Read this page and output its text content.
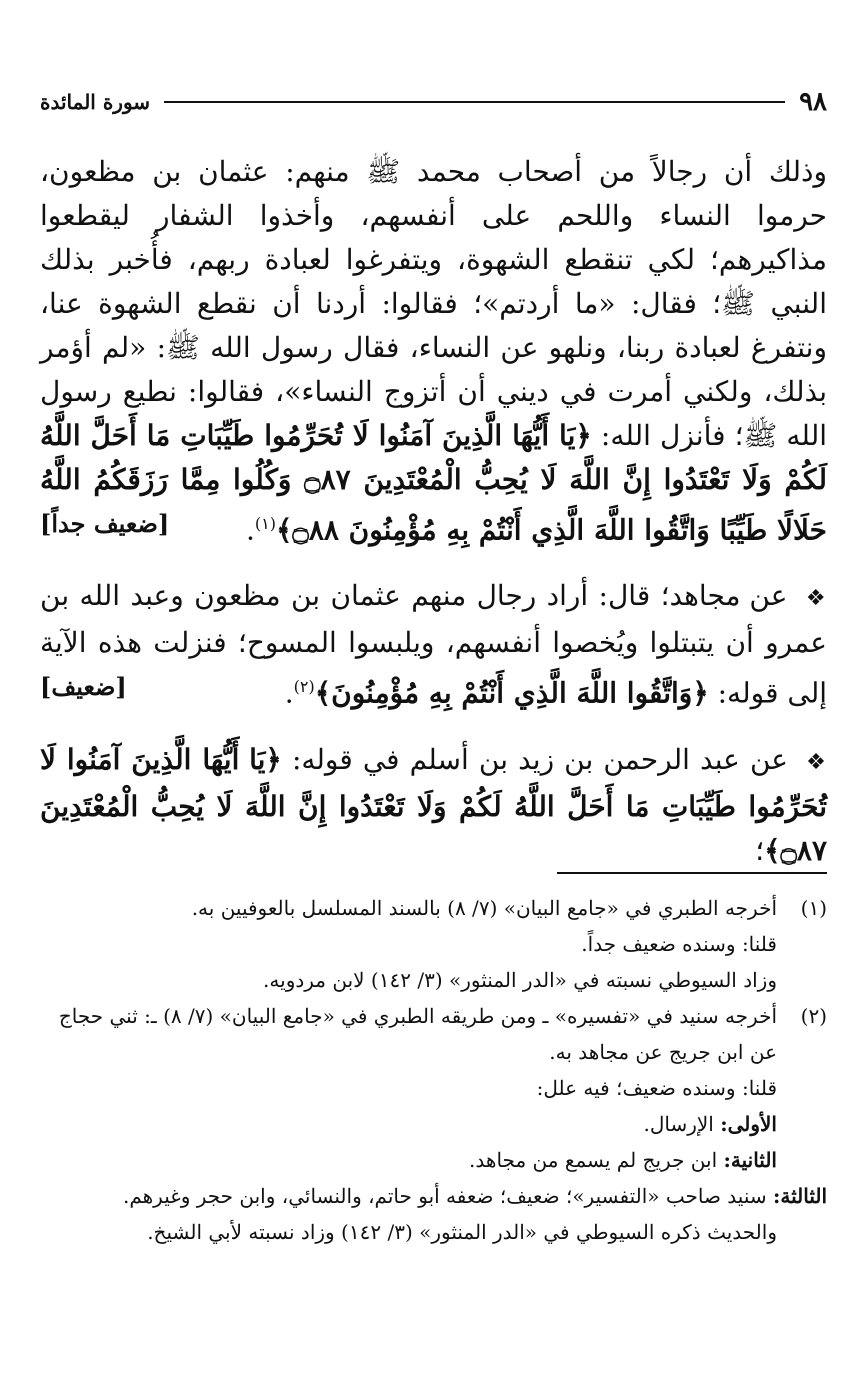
٩٨
سورة المائدة

وذلك أن رجالاً من أصحاب محمد ﷺ منهم: عثمان بن مظعون، حرموا النساء واللحم على أنفسهم، وأخذوا الشفار ليقطعوا مذاكيرهم؛ لكي تنقطع الشهوة، ويتفرغوا لعبادة ربهم، فأُخبر بذلك النبي ﷺ؛ فقال: «ما أردتم»؛ فقالوا: أردنا أن نقطع الشهوة عنا، ونتفرغ لعبادة ربنا، ونلهو عن النساء، فقال رسول الله ﷺ: «لم أؤمر بذلك، ولكني أمرت في ديني أن أتزوج النساء»، فقالوا: نطيع رسول الله ﷺ؛ فأنزل الله: ﴿يَا أَيُّهَا الَّذِينَ آمَنُوا لَا تُحَرِّمُوا طَيِّبَاتِ مَا أَحَلَّ اللَّهُ لَكُمْ وَلَا تَعْتَدُوا إِنَّ اللَّهَ لَا يُحِبُّ الْمُعْتَدِينَ ۝٨٧ وَكُلُوا مِمَّا رَزَقَكُمُ اللَّهُ حَلَالًا طَيِّبًا وَاتَّقُوا اللَّهَ الَّذِي أَنْتُمْ بِهِ مُؤْمِنُونَ ۝٨٨﴾$^{(١)}$.
[ضعيف جداً]

❖ عن مجاهد؛ قال: أراد رجال منهم عثمان بن مظعون وعبد الله بن عمرو أن يتبتلوا ويُخصوا أنفسهم، ويلبسوا المسوح؛ فنزلت هذه الآية إلى قوله: ﴿وَاتَّقُوا اللَّهَ الَّذِي أَنْتُمْ بِهِ مُؤْمِنُونَ﴾$^{(٢)}$.
[ضعيف]

❖ عن عبد الرحمن بن زيد بن أسلم في قوله: ﴿يَا أَيُّهَا الَّذِينَ آمَنُوا لَا تُحَرِّمُوا طَيِّبَاتِ مَا أَحَلَّ اللَّهُ لَكُمْ وَلَا تَعْتَدُوا إِنَّ اللَّهَ لَا يُحِبُّ الْمُعْتَدِينَ ۝٨٧﴾؛

(١)

أخرجه الطبري في «جامع البيان» (٧/ ٨) بالسند المسلسل بالعوفيين به.

قلنا: وسنده ضعيف جداً.

وزاد السيوطي نسبته في «الدر المنثور» (٣/ ١٤٢) لابن مردويه.

(٢)

أخرجه سنيد في «تفسيره» ـ ومن طريقه الطبري في «جامع البيان» (٧/ ٨) ـ: ثني حجاج عن ابن جريج عن مجاهد به.

قلنا: وسنده ضعيف؛ فيه علل:

الأولى: الإرسال.

الثانية: ابن جريج لم يسمع من مجاهد.

الثالثة: سنيد صاحب «التفسير»؛ ضعيف؛ ضعفه أبو حاتم، والنسائي، وابن حجر وغيرهم.

والحديث ذكره السيوطي في «الدر المنثور» (٣/ ١٤٢) وزاد نسبته لأبي الشيخ.
